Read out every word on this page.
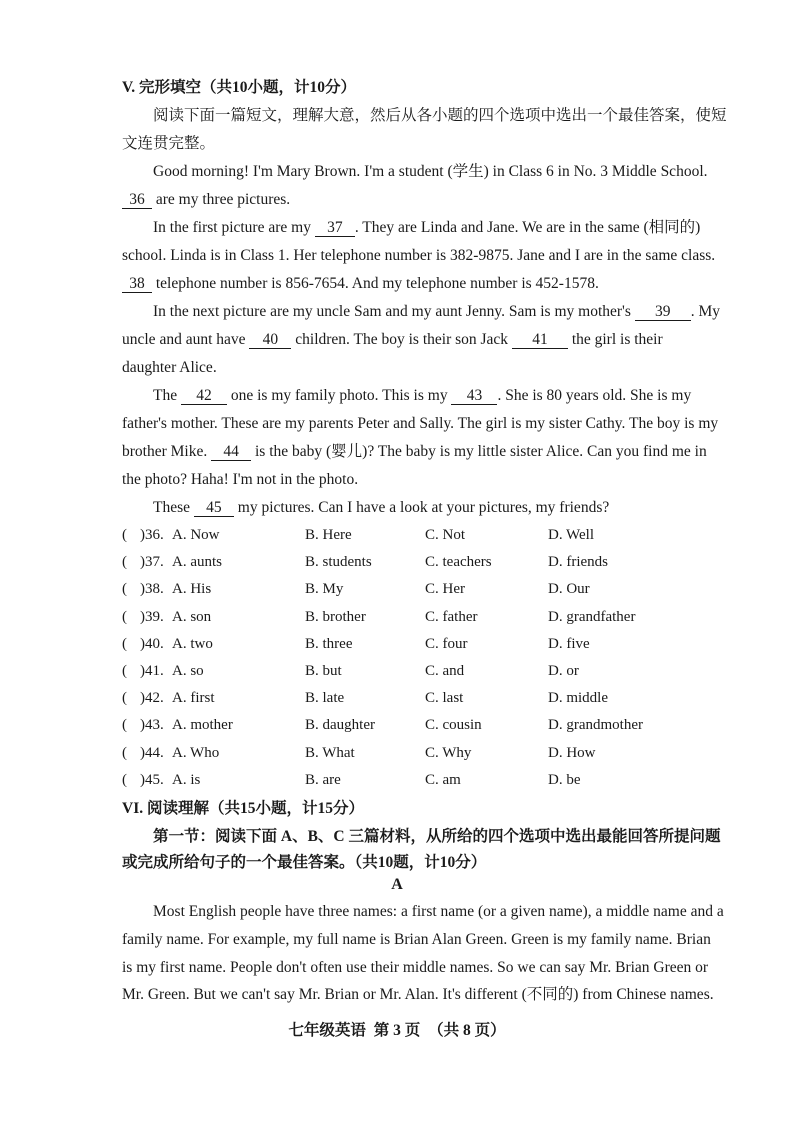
V. 完形填空（共10小题，计10分）
阅读下面一篇短文，理解大意，然后从各小题的四个选项中选出一个最佳答案，使短
文连贯完整。
Good morning! I'm Mary Brown. I'm a student (学生) in Class 6 in No. 3 Middle School.
36 are my three pictures.
In the first picture are my 37 . They are Linda and Jane. We are in the same (相同的)
school. Linda is in Class 1. Her telephone number is 382-9875. Jane and I are in the same class.
38 telephone number is 856-7654. And my telephone number is 452-1578.
In the next picture are my uncle Sam and my aunt Jenny. Sam is my mother's 39 . My
uncle and aunt have 40 children. The boy is their son Jack 41 the girl is their
daughter Alice.
The 42 one is my family photo. This is my 43 . She is 80 years old. She is my
father's mother. These are my parents Peter and Sally. The girl is my sister Cathy. The boy is my
brother Mike. 44 is the baby (婴儿)? The baby is my little sister Alice. Can you find me in
the photo? Haha! I'm not in the photo.
These 45 my pictures. Can I have a look at your pictures, my friends?
( )36. A. Now	B. Here	C. Not	D. Well
( )37. A. aunts	B. students	C. teachers	D. friends
( )38. A. His	B. My	C. Her	D. Our
( )39. A. son	B. brother	C. father	D. grandfather
( )40. A. two	B. three	C. four	D. five
( )41. A. so	B. but	C. and	D. or
( )42. A. first	B. late	C. last	D. middle
( )43. A. mother	B. daughter	C. cousin	D. grandmother
( )44. A. Who	B. What	C. Why	D. How
( )45. A. is	B. are	C. am	D. be
VI. 阅读理解（共15小题，计15分）
第一节：阅读下面 A、B、C 三篇材料，从所给的四个选项中选出最能回答所提问题
或完成所给句子的一个最佳答案。（共10题，计10分）
A
Most English people have three names: a first name (or a given name), a middle name and a
family name. For example, my full name is Brian Alan Green. Green is my family name. Brian
is my first name. People don't often use their middle names. So we can say Mr. Brian Green or
Mr. Green. But we can't say Mr. Brian or Mr. Alan. It's different (不同的) from Chinese names.
七年级英语 第 3 页 （共 8 页）
